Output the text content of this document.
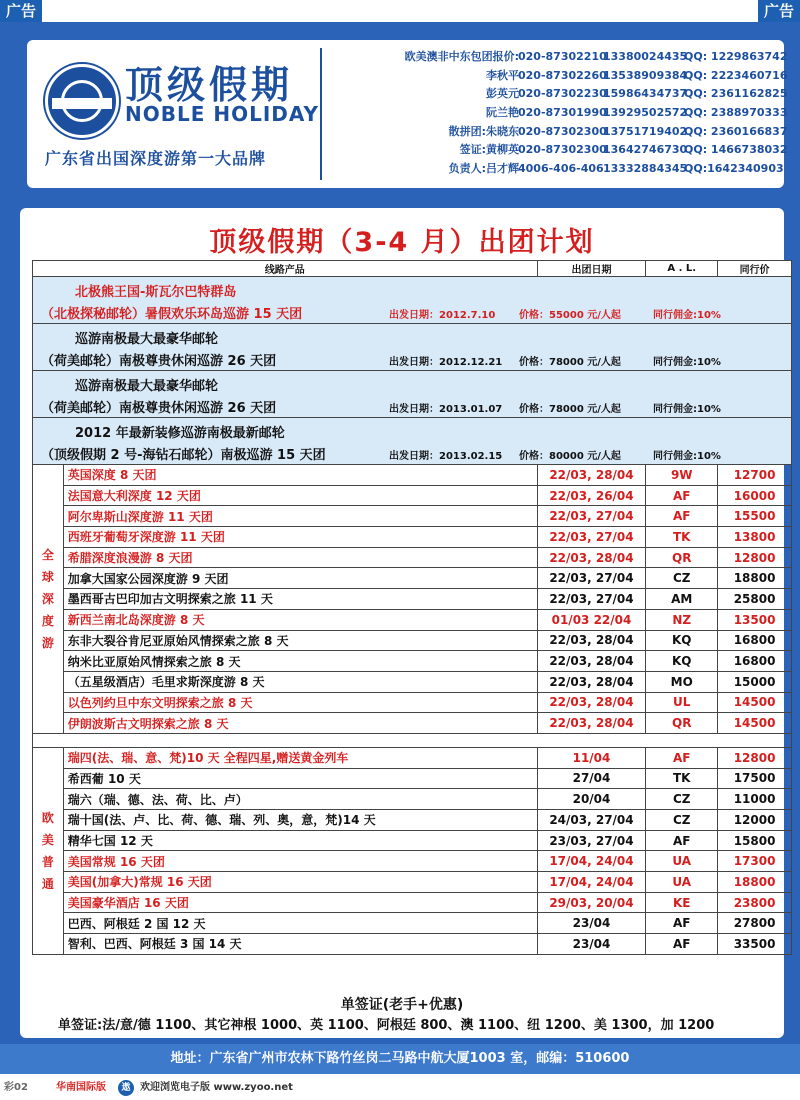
广告	广告
顶级假期
NOBLE HOLIDAY
广东省出国深度游第一大品牌
欧美澳非中东包团报价: 020-87302210
13380024435
QQ: 1229863742
李秋平 020-87302260
13538909384
QQ: 2223460716
彭英元 020-87302230
15986434737
QQ: 2361162825
阮兰艳 020-87301990
13929502572
QQ: 2388970333
散拼团:朱晓东 020-87302300
13751719402
QQ: 2360166837
签证:黄柳英 020-87302300
13642746730
QQ: 1466738032
负责人:吕才辉 4006-406-406 13332884345
QQ:1642340903
顶级假期（3-4 月）出团计划
线路产品		出团日期	A . L.	同行价

北极熊王国-斯瓦尔巴特群岛
（北极探秘邮轮）暑假欢乐环岛巡游 15 天团 出发日期：2012.7.10 价格：55000 元/人起 同行佣金:10%				

巡游南极最大最豪华邮轮
（荷美邮轮）南极尊贵休闲巡游 26 天团 出发日期：2012.12.21 价格：78000 元/人起 同行佣金:10%				

巡游南极最大最豪华邮轮
（荷美邮轮）南极尊贵休闲巡游 26 天团 出发日期：2013.01.07 价格：78000 元/人起 同行佣金:10%				

2012 年最新装修巡游南极最新邮轮
（顶级假期 2 号-海钻石邮轮）南极巡游 15 天团 出发日期：2013.02.15 价格：80000 元/人起 同行佣金:10%				

全
球
深
度
游	英国深度 8 天团	22/03, 28/04	9W	12700
	法国意大利深度 12 天团	22/03, 26/04	AF	16000
	阿尔卑斯山深度游 11 天团	22/03, 27/04	AF	15500
	西班牙葡萄牙深度游 11 天团	22/03, 27/04	TK	13800
	希腊深度浪漫游 8 天团	22/03, 28/04	QR	12800
	加拿大国家公园深度游 9 天团	22/03, 27/04	CZ	18800
	墨西哥古巴印加古文明探索之旅 11 天	22/03, 27/04	AM	25800
	新西兰南北岛深度游 8 天	01/03 22/04	NZ	13500
	东非大裂谷肯尼亚原始风情探索之旅 8 天	22/03, 28/04	KQ	16800
	纳米比亚原始风情探索之旅 8 天	22/03, 28/04	KQ	16800
	（五星级酒店）毛里求斯深度游 8 天	22/03, 28/04	MO	15000
	以色列约旦中东文明探索之旅 8 天	22/03, 28/04	UL	14500
	伊朗波斯古文明探索之旅 8 天	22/03, 28/04	QR	14500

欧
美
普
通	瑞四(法、瑞、意、梵)10 天 全程四星,赠送黄金列车	11/04	AF	12800
	希西葡 10 天	27/04	TK	17500
	瑞六（瑞、德、法、荷、比、卢）	20/04	CZ	11000
	瑞十国(法、卢、比、荷、德、瑞、列、奥，意，梵)14 天	24/03, 27/04	CZ	12000
	精华七国 12 天	23/03, 27/04	AF	15800
	美国常规 16 天团	17/04, 24/04	UA	17300
	美国(加拿大)常规 16 天团	17/04, 24/04	UA	18800
	美国豪华酒店 16 天团	29/03, 20/04	KE	23800
	巴西、阿根廷 2 国 12 天	23/04	AF	27800
	智利、巴西、阿根廷 3 国 14 天	23/04	AF	33500
单签证(老手+优惠)
单签证:法/意/德 1100、其它神根 1000、英 1100、阿根廷 800、澳 1100、纽 1200、美 1300，加 1200
地址：广东省广州市农林下路竹丝岗二马路中航大厦1003 室，邮编：510600
彩02	华南国际版	遨 欢迎浏览电子版 www.zyoo.net
